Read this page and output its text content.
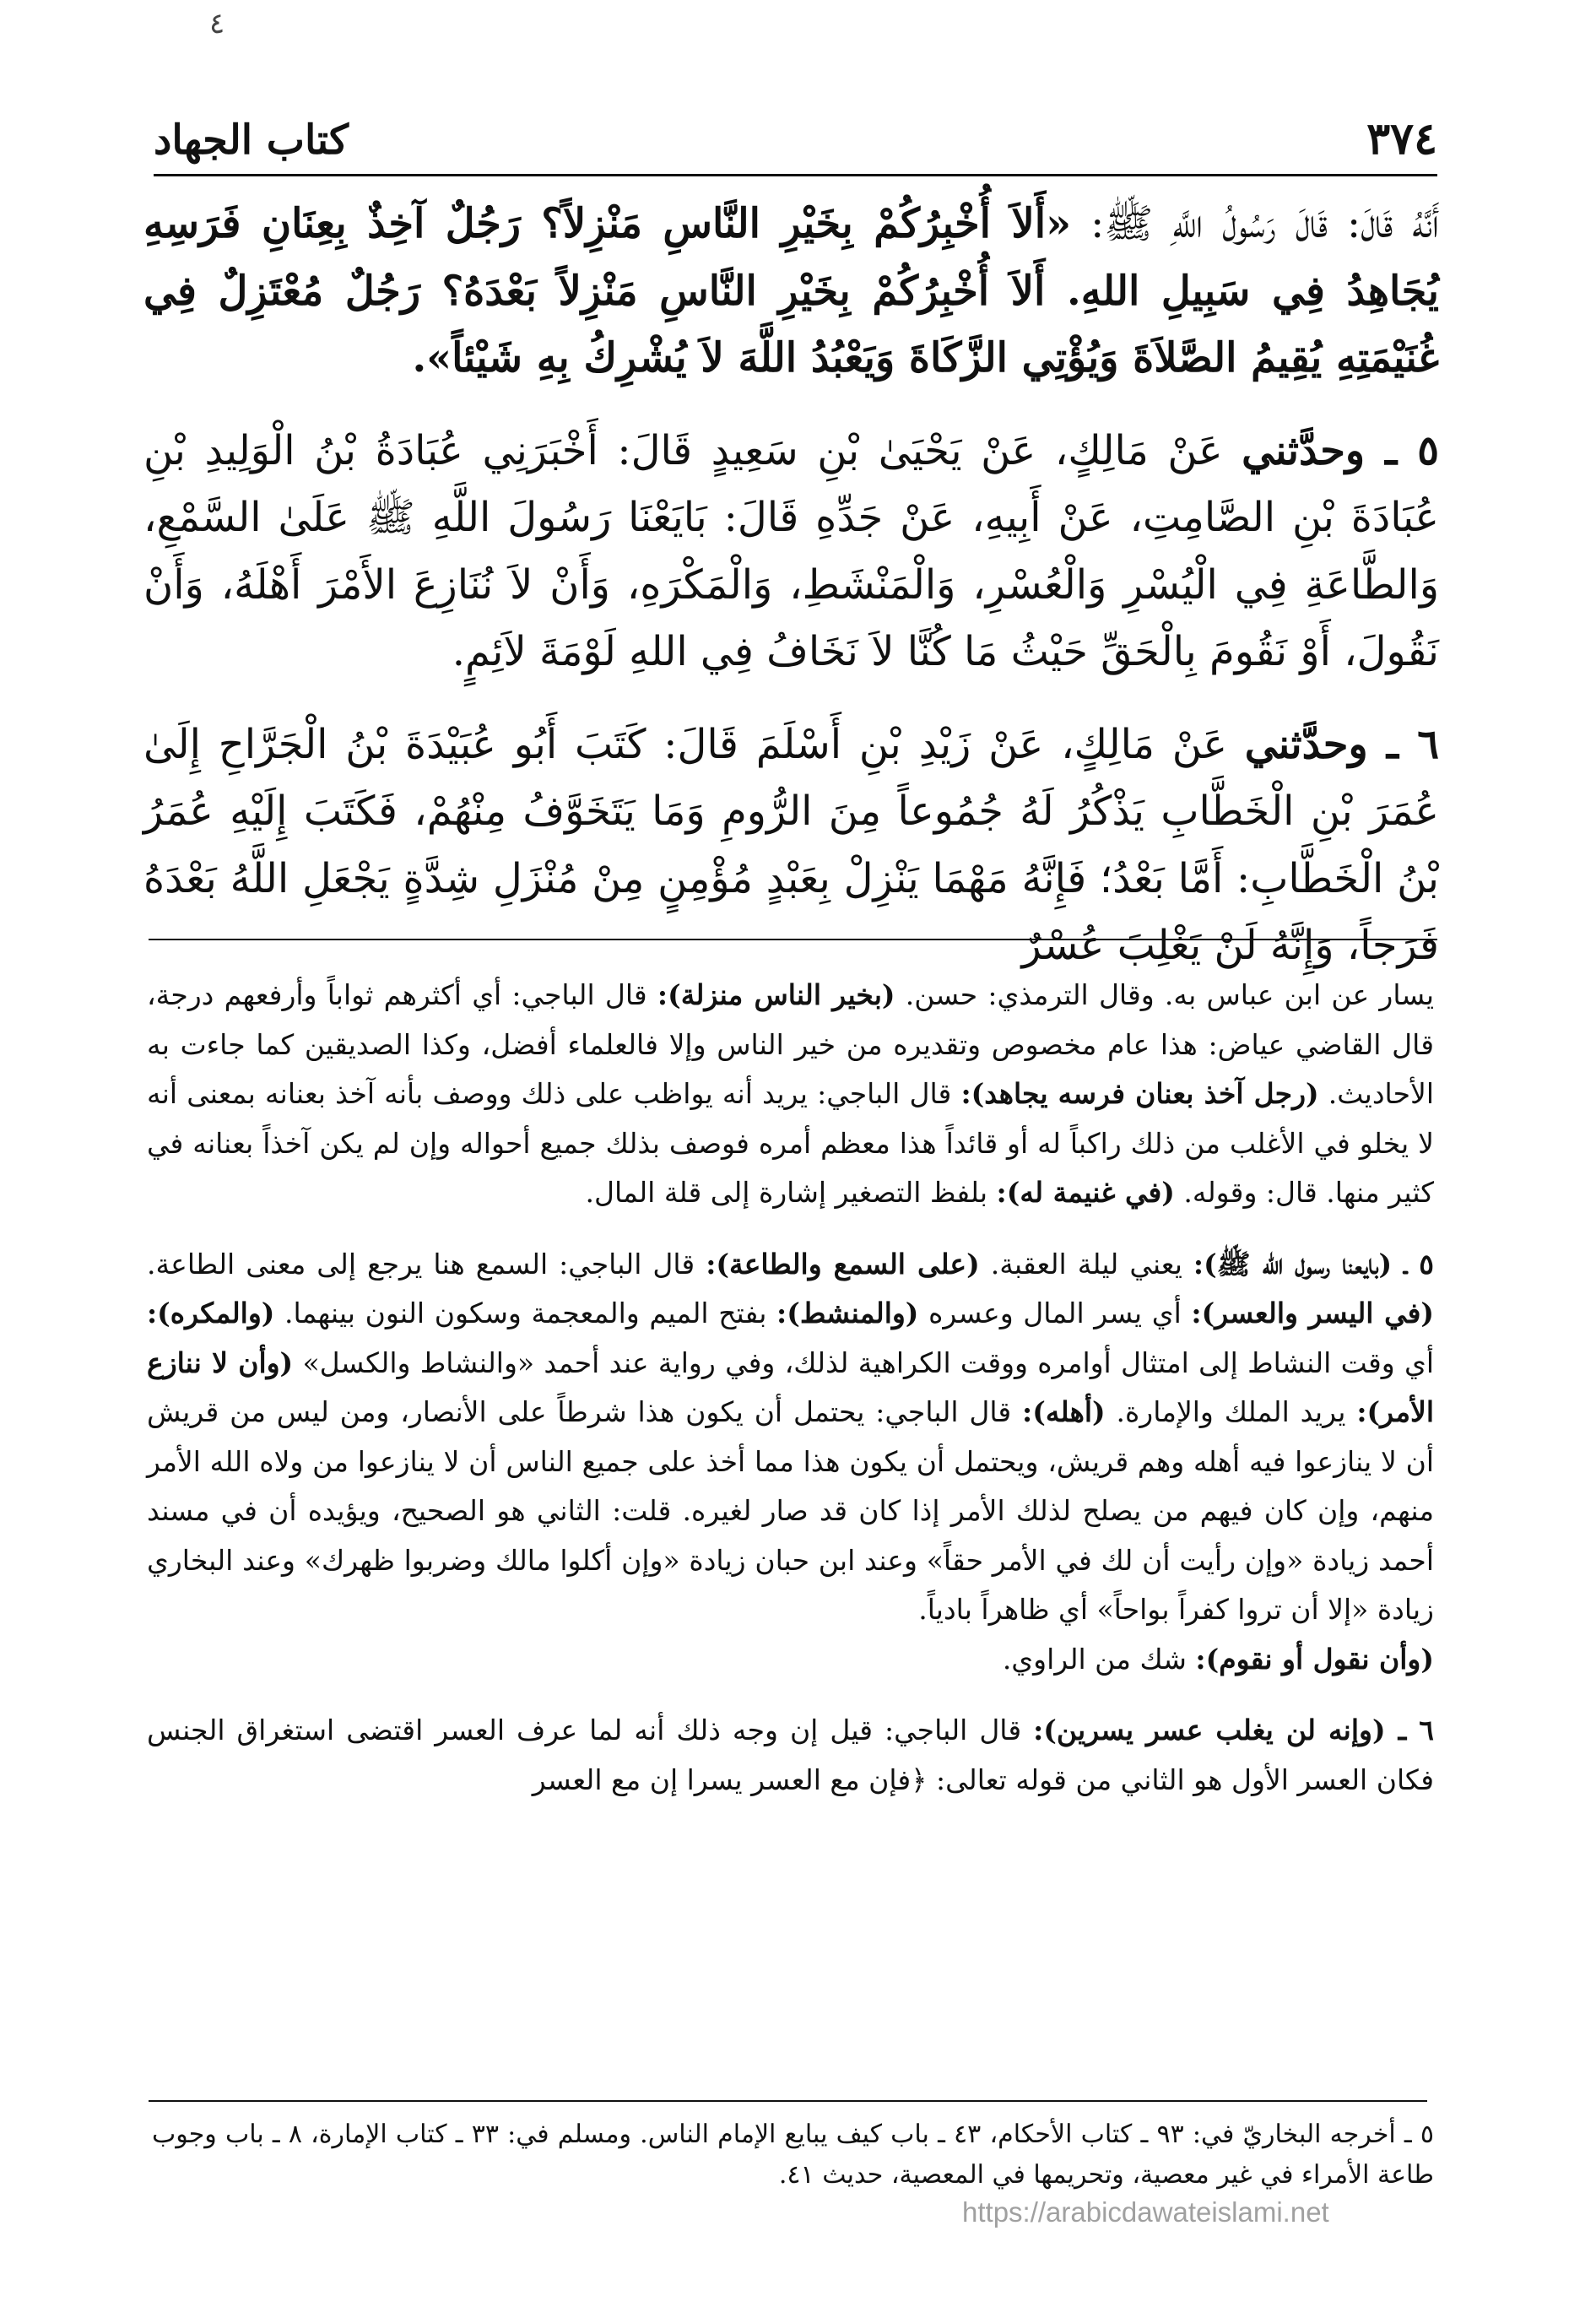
٤
٣٧٤
كتاب الجهاد

أَنَّهُ قَالَ: قَالَ رَسُولُ اللَّهِ ﷺ: «أَلاَ أُخْبِرُكُمْ بِخَيْرِ النَّاسِ مَنْزِلاً؟ رَجُلٌ آخِذٌ بِعِنَانِ فَرَسِهِ يُجَاهِدُ فِي سَبِيلِ اللهِ. أَلاَ أُخْبِرُكُمْ بِخَيْرِ النَّاسِ مَنْزِلاً بَعْدَهُ؟ رَجُلٌ مُعْتَزِلٌ فِي غُنَيْمَتِهِ يُقِيمُ الصَّلاَةَ وَيُؤْتِي الزَّكَاةَ وَيَعْبُدُ اللَّهَ لاَ يُشْرِكُ بِهِ شَيْئاً».

٥ ـ وحدَّثني عَنْ مَالِكٍ، عَنْ يَحْيَىٰ بْنِ سَعِيدٍ قَالَ: أَخْبَرَنِي عُبَادَةُ بْنُ الْوَلِيدِ بْنِ عُبَادَةَ بْنِ الصَّامِتِ، عَنْ أَبِيهِ، عَنْ جَدِّهِ قَالَ: بَايَعْنَا رَسُولَ اللَّهِ ﷺ عَلَىٰ السَّمْعِ، وَالطَّاعَةِ فِي الْيُسْرِ وَالْعُسْرِ، وَالْمَنْشَطِ، وَالْمَكْرَهِ، وَأَنْ لاَ نُنَازِعَ الأَمْرَ أَهْلَهُ، وَأَنْ نَقُولَ، أَوْ نَقُومَ بِالْحَقِّ حَيْثُ مَا كُنَّا لاَ نَخَافُ فِي اللهِ لَوْمَةَ لاَئِمٍ.

٦ ـ وحدَّثني عَنْ مَالِكٍ، عَنْ زَيْدِ بْنِ أَسْلَمَ قَالَ: كَتَبَ أَبُو عُبَيْدَةَ بْنُ الْجَرَّاحِ إِلَىٰ عُمَرَ بْنِ الْخَطَّابِ يَذْكُرُ لَهُ جُمُوعاً مِنَ الرُّومِ وَمَا يَتَخَوَّفُ مِنْهُمْ، فَكَتَبَ إِلَيْهِ عُمَرُ بْنُ الْخَطَّابِ: أَمَّا بَعْدُ؛ فَإِنَّهُ مَهْمَا يَنْزِلْ بِعَبْدٍ مُؤْمِنٍ مِنْ مُنْزَلِ شِدَّةٍ يَجْعَلِ اللَّهُ بَعْدَهُ فَرَجاً، وَإِنَّهُ لَنْ يَغْلِبَ عُسْرٌ

يسار عن ابن عباس به. وقال الترمذي: حسن. (بخير الناس منزلة): قال الباجي: أي أكثرهم ثواباً وأرفعهم درجة، قال القاضي عياض: هذا عام مخصوص وتقديره من خير الناس وإلا فالعلماء أفضل، وكذا الصديقين كما جاءت به الأحاديث. (رجل آخذ بعنان فرسه يجاهد): قال الباجي: يريد أنه يواظب على ذلك ووصف بأنه آخذ بعنانه بمعنى أنه لا يخلو في الأغلب من ذلك راكباً له أو قائداً هذا معظم أمره فوصف بذلك جميع أحواله وإن لم يكن آخذاً بعنانه في كثير منها. قال: وقوله. (في غنيمة له): بلفظ التصغير إشارة إلى قلة المال.

٥ ـ (بايعنا رسول الله ﷺ): يعني ليلة العقبة. (على السمع والطاعة): قال الباجي: السمع هنا يرجع إلى معنى الطاعة. (في اليسر والعسر): أي يسر المال وعسره (والمنشط): بفتح الميم والمعجمة وسكون النون بينهما. (والمكره): أي وقت النشاط إلى امتثال أوامره ووقت الكراهية لذلك، وفي رواية عند أحمد «والنشاط والكسل» (وأن لا ننازع الأمر): يريد الملك والإمارة. (أهله): قال الباجي: يحتمل أن يكون هذا شرطاً على الأنصار، ومن ليس من قريش أن لا ينازعوا فيه أهله وهم قريش، ويحتمل أن يكون هذا مما أخذ على جميع الناس أن لا ينازعوا من ولاه الله الأمر منهم، وإن كان فيهم من يصلح لذلك الأمر إذا كان قد صار لغيره. قلت: الثاني هو الصحيح، ويؤيده أن في مسند أحمد زيادة «وإن رأيت أن لك في الأمر حقاً» وعند ابن حبان زيادة «وإن أكلوا مالك وضربوا ظهرك» وعند البخاري زيادة «إلا أن تروا كفراً بواحاً» أي ظاهراً بادياً.
(وأن نقول أو نقوم): شك من الراوي.

٦ ـ (وإنه لن يغلب عسر يسرين): قال الباجي: قيل إن وجه ذلك أنه لما عرف العسر اقتضى استغراق الجنس فكان العسر الأول هو الثاني من قوله تعالى: ﴿فإن مع العسر يسرا إن مع العسر

٥ ـ أخرجه البخاريّ في: ٩٣ ـ كتاب الأحكام، ٤٣ ـ باب كيف يبايع الإمام الناس. ومسلم في: ٣٣ ـ كتاب الإمارة، ٨ ـ باب وجوب طاعة الأمراء في غير معصية، وتحريمها في المعصية، حديث ٤١.

https://arabicdawateislami.net
